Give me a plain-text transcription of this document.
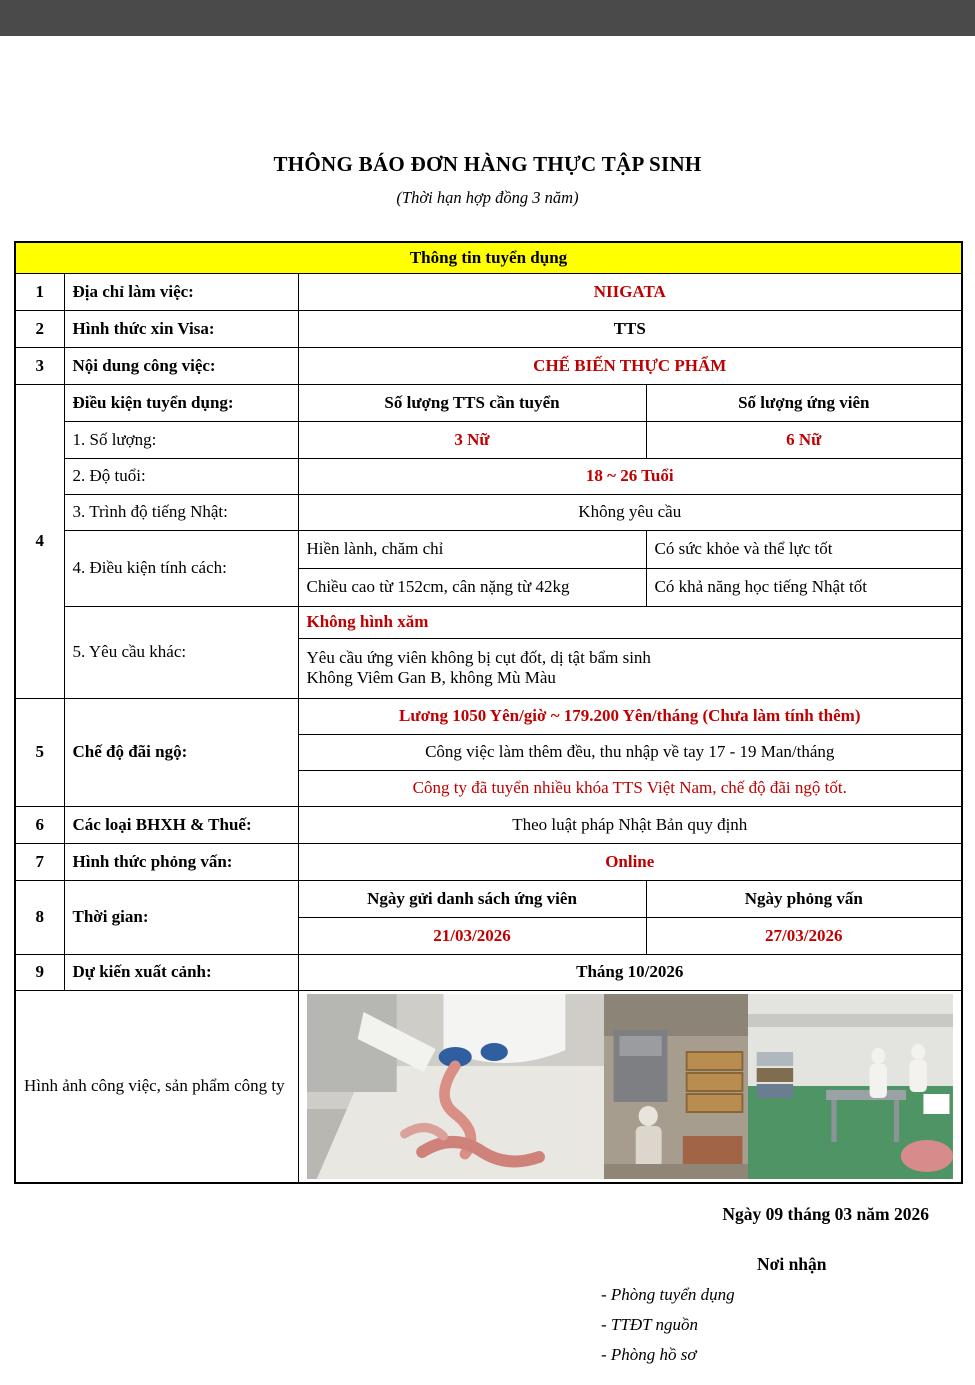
THÔNG BÁO ĐƠN HÀNG THỰC TẬP SINH
(Thời hạn hợp đồng 3 năm)
Thông tin tuyển dụng			
1	Địa chỉ làm việc:	NIIGATA	
2	Hình thức xin Visa:	TTS	
3	Nội dung công việc:	CHẾ BIẾN THỰC PHẨM	
4	Điều kiện tuyển dụng:	Số lượng TTS cần tuyển	Số lượng ứng viên
	1. Số lượng:	3 Nữ	6 Nữ
	2. Độ tuổi:	18 ~ 26 Tuổi	
	3. Trình độ tiếng Nhật:	Không yêu cầu	
	4. Điều kiện tính cách:	Hiền lành, chăm chỉ	Có sức khỏe và thể lực tốt
		Chiều cao từ 152cm, cân nặng từ 42kg	Có khả năng học tiếng Nhật tốt
	5. Yêu cầu khác:	Không hình xăm	

		Yêu cầu ứng viên không bị cụt đốt, dị tật bẩm sinh
Không Viêm Gan B, không Mù Màu	

5	Chế độ đãi ngộ:	Lương 1050 Yên/giờ ~ 179.200 Yên/tháng (Chưa làm tính thêm)	
		Công việc làm thêm đều, thu nhập về tay 17 - 19 Man/tháng	
		Công ty đã tuyển nhiều khóa TTS Việt Nam, chế độ đãi ngộ tốt.	
6	Các loại BHXH & Thuế:	Theo luật pháp Nhật Bản quy định	
7	Hình thức phỏng vấn:	Online	
8	Thời gian:	Ngày gửi danh sách ứng viên	Ngày phỏng vấn
		21/03/2026	27/03/2026
9	Dự kiến xuất cảnh:	Tháng 10/2026	
Hình ảnh công việc, sản phẩm công ty	
Ngày 09 tháng 03 năm 2026
Nơi nhận
- Phòng tuyển dụng
- TTĐT nguồn
- Phòng hồ sơ
